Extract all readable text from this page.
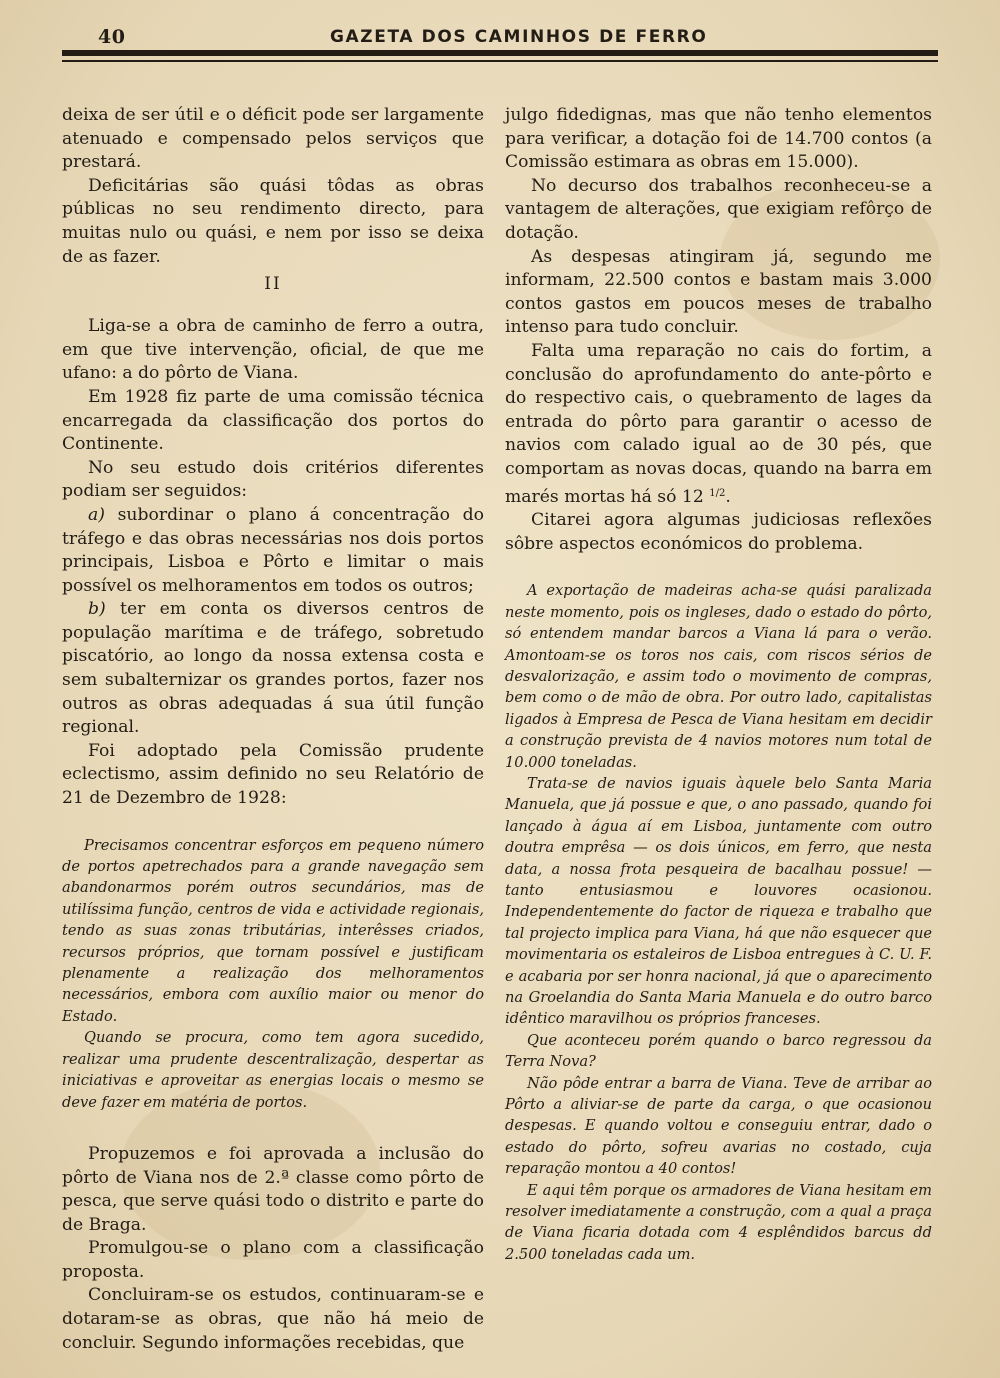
40	GAZETA DOS CAMINHOS DE FERRO

deixa de ser útil e o déficit pode ser largamente atenuado e compensado pelos serviços que prestará.

Deficitárias são quási tôdas as obras públicas no seu rendimento directo, para muitas nulo ou quási, e nem por isso se deixa de as fazer.

II

Liga-se a obra de caminho de ferro a outra, em que tive intervenção, oficial, de que me ufano: a do pôrto de Viana.

Em 1928 fiz parte de uma comissão técnica encarregada da classificação dos portos do Continente.

No seu estudo dois critérios diferentes podiam ser seguidos:

a) subordinar o plano á concentração do tráfego e das obras necessárias nos dois portos principais, Lisboa e Pôrto e limitar o mais possível os melhoramentos em todos os outros;

b) ter em conta os diversos centros de população marítima e de tráfego, sobretudo piscatório, ao longo da nossa extensa costa e sem subalternizar os grandes portos, fazer nos outros as obras adequadas á sua útil função regional.

Foi adoptado pela Comissão prudente eclectismo, assim definido no seu Relatório de 21 de Dezembro de 1928:

Precisamos concentrar esforços em pequeno número de portos apetrechados para a grande navegação sem abandonarmos porém outros secundários, mas de utilíssima função, centros de vida e actividade regionais, tendo as suas zonas tributárias, interêsses criados, recursos próprios, que tornam possível e justificam plenamente a realização dos melhoramentos necessários, embora com auxílio maior ou menor do Estado.

Quando se procura, como tem agora sucedido, realizar uma prudente descentralização, despertar as iniciativas e aproveitar as energias locais o mesmo se deve fazer em matéria de portos.

Propuzemos e foi aprovada a inclusão do pôrto de Viana nos de 2.ª classe como pôrto de pesca, que serve quási todo o distrito e parte do de Braga.

Promulgou-se o plano com a classificação proposta.

Concluiram-se os estudos, continuaram-se e dotaram-se as obras, que não há meio de concluir. Segundo informações recebidas, que

julgo fidedignas, mas que não tenho elementos para verificar, a dotação foi de 14.700 contos (a Comissão estimara as obras em 15.000).

No decurso dos trabalhos reconheceu-se a vantagem de alterações, que exigiam refôrço de dotação.

As despesas atingiram já, segundo me informam, 22.500 contos e bastam mais 3.000 contos gastos em poucos meses de trabalho intenso para tudo concluir.

Falta uma reparação no cais do fortim, a conclusão do aprofundamento do ante-pôrto e do respectivo cais, o quebramento de lages da entrada do pôrto para garantir o acesso de navios com calado igual ao de 30 pés, que comportam as novas docas, quando na barra em marés mortas há só 12 $^{1/2}$.

Citarei agora algumas judiciosas reflexões sôbre aspectos económicos do problema.

A exportação de madeiras acha-se quási paralizada neste momento, pois os ingleses, dado o estado do pôrto, só entendem mandar barcos a Viana lá para o verão. Amontoam-se os toros nos cais, com riscos sérios de desvalorização, e assim todo o movimento de compras, bem como o de mão de obra. Por outro lado, capitalistas ligados à Empresa de Pesca de Viana hesitam em decidir a construção prevista de 4 navios motores num total de 10.000 toneladas.

Trata-se de navios iguais àquele belo Santa Maria Manuela, que já possue e que, o ano passado, quando foi lançado à água aí em Lisboa, juntamente com outro doutra emprêsa — os dois únicos, em ferro, que nesta data, a nossa frota pesqueira de bacalhau possue! — tanto entusiasmou e louvores ocasionou. Independentemente do factor de riqueza e trabalho que tal projecto implica para Viana, há que não esquecer que movimentaria os estaleiros de Lisboa entregues à C. U. F. e acabaria por ser honra nacional, já que o aparecimento na Groelandia do Santa Maria Manuela e do outro barco idêntico maravilhou os próprios franceses.

Que aconteceu porém quando o barco regressou da Terra Nova?

Não pôde entrar a barra de Viana. Teve de arribar ao Pôrto a aliviar-se de parte da carga, o que ocasionou despesas. E quando voltou e conseguiu entrar, dado o estado do pôrto, sofreu avarias no costado, cuja reparação montou a 40 contos!

E aqui têm porque os armadores de Viana hesitam em resolver imediatamente a construção, com a qual a praça de Viana ficaria dotada com 4 esplêndidos barcus dd 2.500 toneladas cada um.
